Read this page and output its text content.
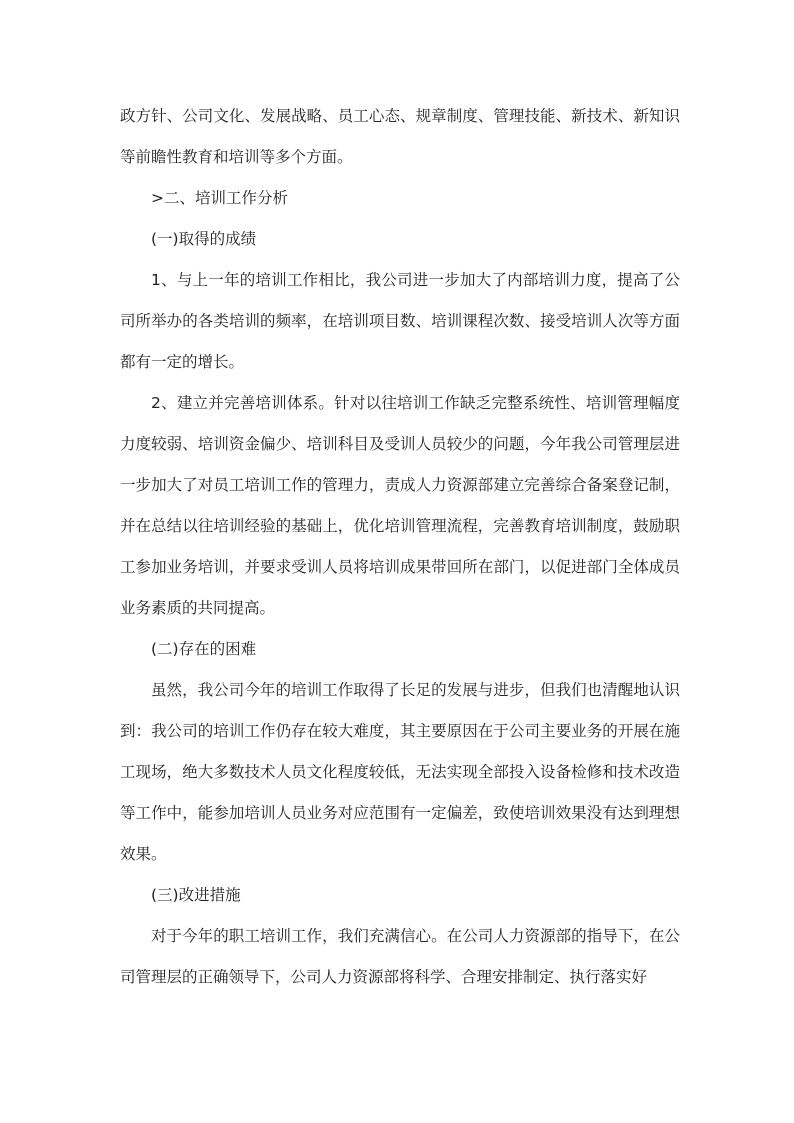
政方针、公司文化、发展战略、员工心态、规章制度、管理技能、新技术、新知识等前瞻性教育和培训等多个方面。

>二、培训工作分析

(一)取得的成绩

1、与上一年的培训工作相比，我公司进一步加大了内部培训力度，提高了公司所举办的各类培训的频率，在培训项目数、培训课程次数、接受培训人次等方面都有一定的增长。

2、建立并完善培训体系。针对以往培训工作缺乏完整系统性、培训管理幅度力度较弱、培训资金偏少、培训科目及受训人员较少的问题，今年我公司管理层进一步加大了对员工培训工作的管理力，责成人力资源部建立完善综合备案登记制，并在总结以往培训经验的基础上，优化培训管理流程，完善教育培训制度，鼓励职工参加业务培训，并要求受训人员将培训成果带回所在部门，以促进部门全体成员业务素质的共同提高。

(二)存在的困难

虽然，我公司今年的培训工作取得了长足的发展与进步，但我们也清醒地认识到：我公司的培训工作仍存在较大难度，其主要原因在于公司主要业务的开展在施工现场，绝大多数技术人员文化程度较低，无法实现全部投入设备检修和技术改造等工作中，能参加培训人员业务对应范围有一定偏差，致使培训效果没有达到理想效果。

(三)改进措施

对于今年的职工培训工作，我们充满信心。在公司人力资源部的指导下，在公司管理层的正确领导下，公司人力资源部将科学、合理安排制定、执行落实好
